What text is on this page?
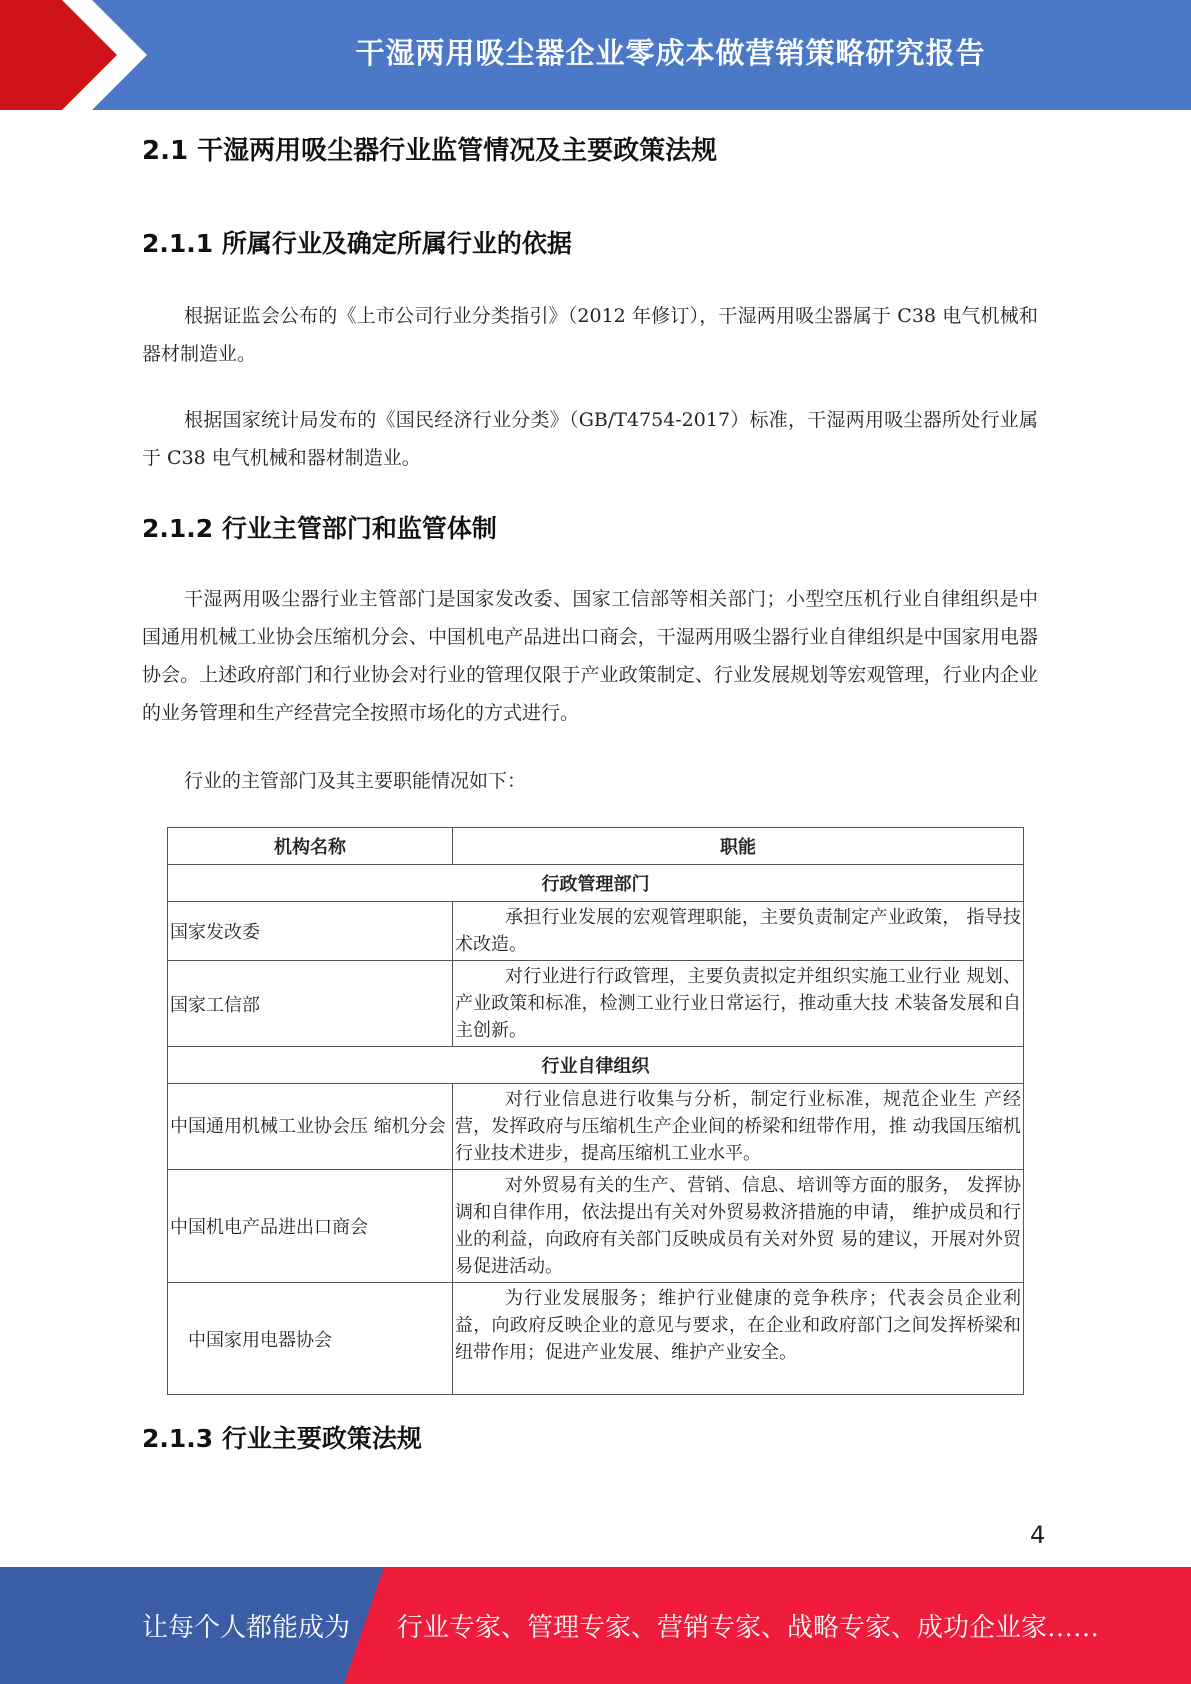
干湿两用吸尘器企业零成本做营销策略研究报告
2.1 干湿两用吸尘器行业监管情况及主要政策法规
2.1.1 所属行业及确定所属行业的依据
根据证监会公布的《上市公司行业分类指引》（2012 年修订），干湿两用吸尘器属于 C38 电气机械和器材制造业。
根据国家统计局发布的《国民经济行业分类》（GB/T4754-2017）标准，干湿两用吸尘器所处行业属于 C38 电气机械和器材制造业。
2.1.2 行业主管部门和监管体制
干湿两用吸尘器行业主管部门是国家发改委、国家工信部等相关部门；小型空压机行业自律组织是中国通用机械工业协会压缩机分会、中国机电产品进出口商会，干湿两用吸尘器行业自律组织是中国家用电器协会。上述政府部门和行业协会对行业的管理仅限于产业政策制定、行业发展规划等宏观管理，行业内企业的业务管理和生产经营完全按照市场化的方式进行。
行业的主管部门及其主要职能情况如下：
机构名称	职能
行政管理部门	
国家发改委	承担行业发展的宏观管理职能，主要负责制定产业政策， 指导技术改造。
国家工信部	对行业进行行政管理，主要负责拟定并组织实施工业行业 规划、产业政策和标准，检测工业行业日常运行，推动重大技 术装备发展和自主创新。
行业自律组织	
中国通用机械工业协会压 缩机分会	对行业信息进行收集与分析，制定行业标准，规范企业生 产经营，发挥政府与压缩机生产企业间的桥梁和纽带作用，推 动我国压缩机行业技术进步，提高压缩机工业水平。
中国机电产品进出口商会	对外贸易有关的生产、营销、信息、培训等方面的服务， 发挥协调和自律作用，依法提出有关对外贸易救济措施的申请， 维护成员和行业的利益，向政府有关部门反映成员有关对外贸 易的建议，开展对外贸易促进活动。
中国家用电器协会	为行业发展服务；维护行业健康的竞争秩序；代表会员企业利益，向政府反映企业的意见与要求，在企业和政府部门之间发挥桥梁和纽带作用；促进产业发展、维护产业安全。
2.1.3 行业主要政策法规
4
让每个人都能成为 行业专家、管理专家、营销专家、战略专家、成功企业家……
